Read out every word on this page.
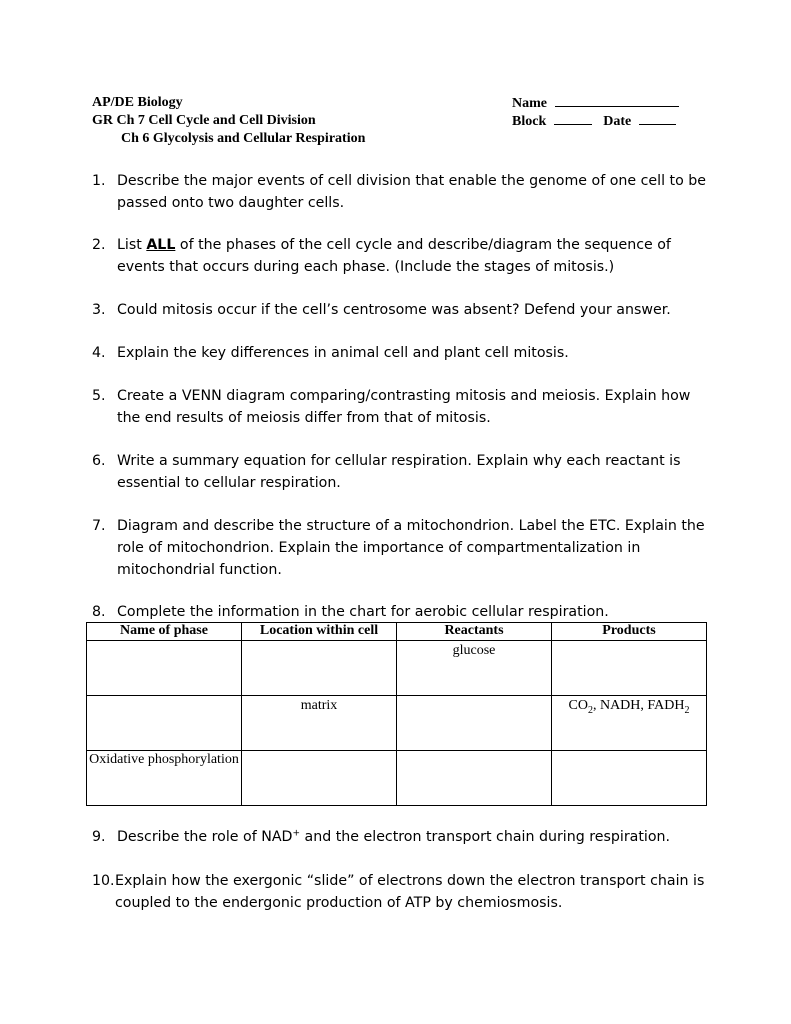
AP/DE Biology
GR Ch 7 Cell Cycle and Cell Division
Ch 6 Glycolysis and Cellular Respiration
Name
Block	Date
1. Describe the major events of cell division that enable the genome of one cell to be passed onto two daughter cells.
2. List ALL of the phases of the cell cycle and describe/diagram the sequence of events that occurs during each phase. (Include the stages of mitosis.)
3. Could mitosis occur if the cell’s centrosome was absent? Defend your answer.
4. Explain the key differences in animal cell and plant cell mitosis.
5. Create a VENN diagram comparing/contrasting mitosis and meiosis. Explain how the end results of meiosis differ from that of mitosis.
6. Write a summary equation for cellular respiration. Explain why each reactant is essential to cellular respiration.
7. Diagram and describe the structure of a mitochondrion. Label the ETC. Explain the role of mitochondrion. Explain the importance of compartmentalization in mitochondrial function.
8. Complete the information in the chart for aerobic cellular respiration.
Name of phase	Location within cell	Reactants	Products
		glucose	
	matrix		$CO_2$, NADH, $FADH_2$
Oxidative phosphorylation			
9. Describe the role of NAD+ and the electron transport chain during respiration.
10. Explain how the exergonic “slide” of electrons down the electron transport chain is coupled to the endergonic production of ATP by chemiosmosis.
